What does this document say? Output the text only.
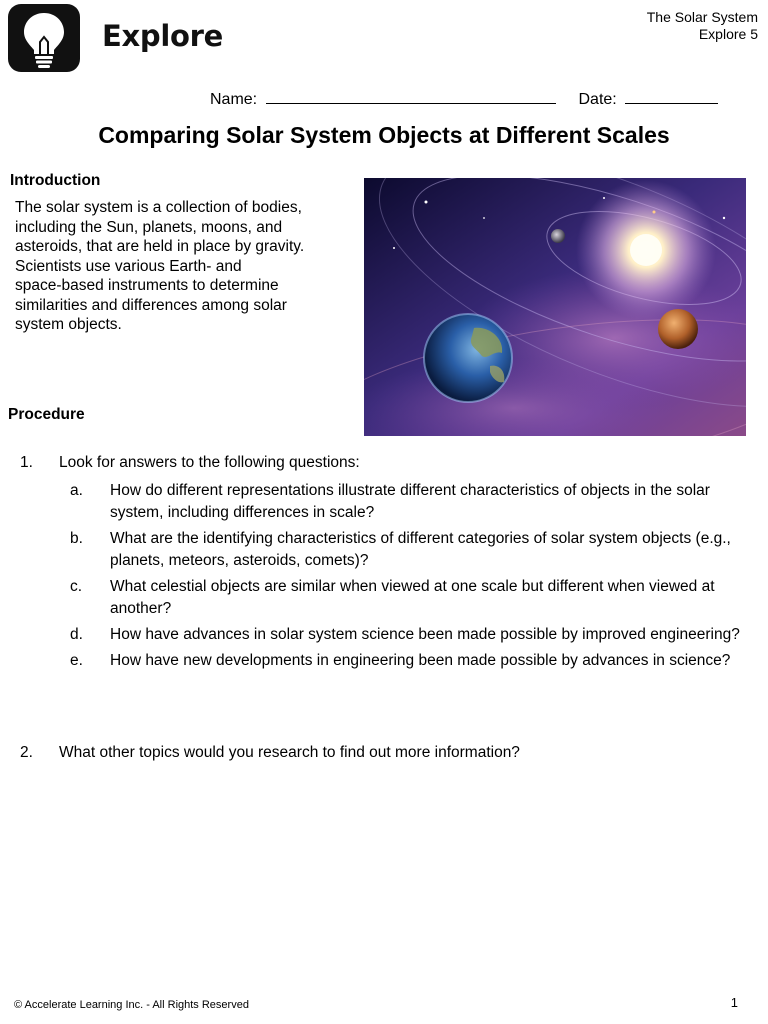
Explore
The Solar System
Explore 5
Name:	Date:
Comparing Solar System Objects at Different Scales
Introduction
The solar system is a collection of bodies,
including the Sun, planets, moons, and
asteroids, that are held in place by gravity.
Scientists use various Earth- and
space-based instruments to determine
similarities and differences among solar
system objects.
Procedure
1. Look for answers to the following questions:
a. How do different representations illustrate different characteristics of objects in the solar system, including differences in scale?
b. What are the identifying characteristics of different categories of solar system objects (e.g., planets, meteors, asteroids, comets)?
c. What celestial objects are similar when viewed at one scale but different when viewed at another?
d. How have advances in solar system science been made possible by improved engineering?
e. How have new developments in engineering been made possible by advances in science?
2. What other topics would you research to find out more information?
© Accelerate Learning Inc. - All Rights Reserved	1
